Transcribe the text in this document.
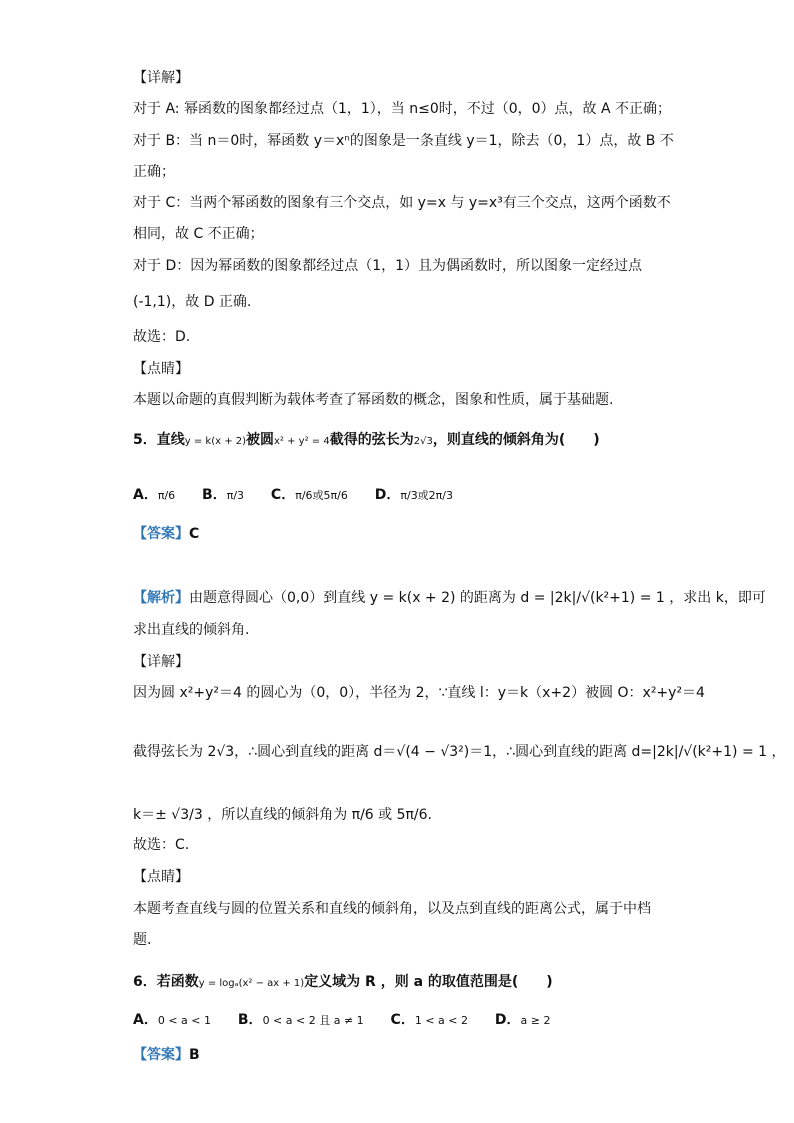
【详解】
对于 A: 幂函数的图象都经过点（1，1），当 n≤0时，不过（0，0）点，故 A 不正确；
对于 B：当 n＝0时，幂函数 y＝xⁿ的图象是一条直线 y＝1，除去（0，1）点，故 B 不
正确；
对于 C：当两个幂函数的图象有三个交点，如 y=x 与 y=x³有三个交点，这两个函数不
相同，故 C 不正确；
对于 D：因为幂函数的图象都经过点（1，1）且为偶函数时，所以图象一定经过点
(-1,1)，故 D 正确.
故选：D.
【点睛】
本题以命题的真假判断为载体考查了幂函数的概念，图象和性质，属于基础题.
5．直线y = k(x + 2)被圆x² + y² = 4截得的弦长为2√3，则直线的倾斜角为(　　)
A．π/6 B．π/3 C．π/6或5π/6 D．π/3或2π/3
【答案】C
【解析】由题意得圆心（0,0）到直线 y = k(x + 2) 的距离为 d = |2k|/√(k²+1) = 1 ，求出 k，即可
求出直线的倾斜角.
【详解】
因为圆 x²+y²＝4 的圆心为（0，0），半径为 2，∵直线 l：y＝k（x+2）被圆 O：x²+y²＝4
截得弦长为 2√3，∴圆心到直线的距离 d＝√(4 − √3²)＝1，∴圆心到直线的距离 d=|2k|/√(k²+1) = 1 ，
k＝± √3/3 ，所以直线的倾斜角为 π/6 或 5π/6.
故选：C.
【点睛】
本题考查直线与圆的位置关系和直线的倾斜角，以及点到直线的距离公式，属于中档
题.
6．若函数y = logₐ(x² − ax + 1)定义域为 R ，则 a 的取值范围是(　　)
A．0 < a < 1 B．0 < a < 2 且 a ≠ 1 C．1 < a < 2 D．a ≥ 2
【答案】B
